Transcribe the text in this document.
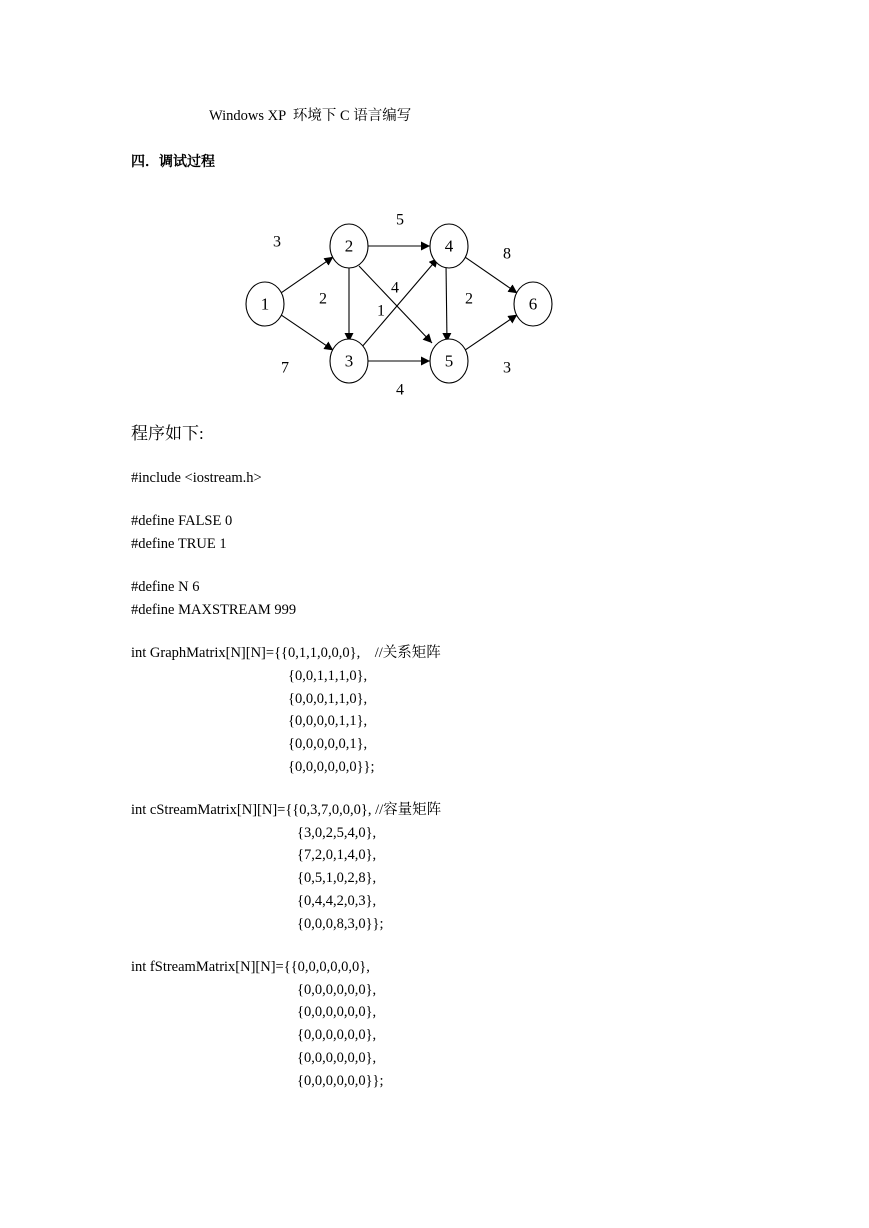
Windows XP  环境下 C 语言编写
四．调试过程
1
2
3
4
5
6
3
7
2
5
4
1
4
2
8
3
程序如下:
#include <iostream.h>
#define FALSE 0
#define TRUE 1
#define N 6
#define MAXSTREAM 999
int GraphMatrix[N][N]={{0,1,1,0,0,0},    //关系矩阵
{0,0,1,1,1,0},
{0,0,0,1,1,0},
{0,0,0,0,1,1},
{0,0,0,0,0,1},
{0,0,0,0,0,0}};
int cStreamMatrix[N][N]={{0,3,7,0,0,0}, //容量矩阵
{3,0,2,5,4,0},
{7,2,0,1,4,0},
{0,5,1,0,2,8},
{0,4,4,2,0,3},
{0,0,0,8,3,0}};
int fStreamMatrix[N][N]={{0,0,0,0,0,0},
{0,0,0,0,0,0},
{0,0,0,0,0,0},
{0,0,0,0,0,0},
{0,0,0,0,0,0},
{0,0,0,0,0,0}};
